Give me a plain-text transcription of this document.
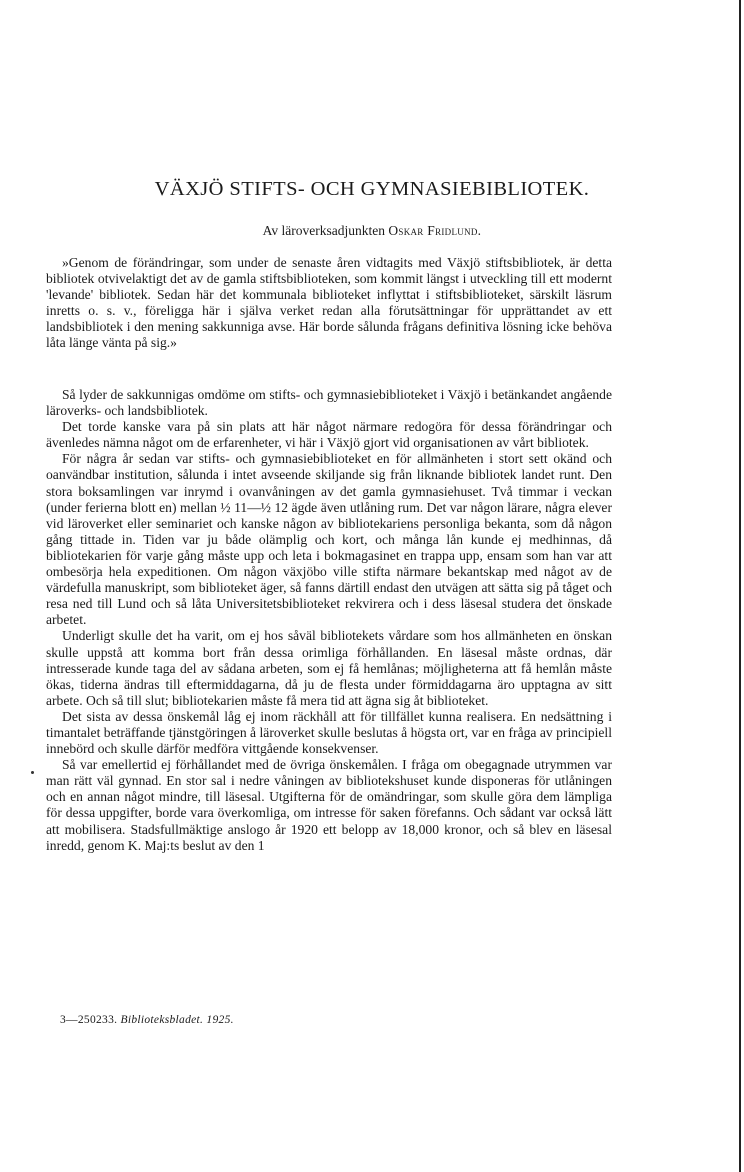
VÄXJÖ STIFTS- OCH GYMNASIEBIBLIOTEK.
Av läroverksadjunkten Oskar Fridlund.

»Genom de förändringar, som under de senaste åren vidtagits med Växjö stiftsbibliotek, är detta bibliotek otvivelaktigt det av de gamla stiftsbiblioteken, som kommit längst i utveckling till ett modernt 'levande' bibliotek. Sedan här det kommunala biblioteket inflyttat i stiftsbiblioteket, särskilt läsrum inretts o. s. v., föreligga här i själva verket redan alla förutsättningar för upprättandet av ett landsbibliotek i den mening sakkunniga avse. Här borde sålunda frågans definitiva lösning icke behöva låta länge vänta på sig.»

Så lyder de sakkunnigas omdöme om stifts- och gymnasiebiblioteket i Växjö i betänkandet angående läroverks- och landsbibliotek.

Det torde kanske vara på sin plats att här något närmare redogöra för dessa förändringar och ävenledes nämna något om de erfarenheter, vi här i Växjö gjort vid organisationen av vårt bibliotek.

För några år sedan var stifts- och gymnasiebiblioteket en för allmänheten i stort sett okänd och oanvändbar institution, sålunda i intet avseende skiljande sig från liknande bibliotek landet runt. Den stora boksamlingen var inrymd i ovanvåningen av det gamla gymnasiehuset. Två timmar i veckan (under ferierna blott en) mellan ½ 11—½ 12 ägde även utlåning rum. Det var någon lärare, några elever vid läroverket eller seminariet och kanske någon av bibliotekariens personliga bekanta, som då någon gång tittade in. Tiden var ju både olämplig och kort, och många lån kunde ej medhinnas, då bibliotekarien för varje gång måste upp och leta i bokmagasinet en trappa upp, ensam som han var att ombesörja hela expeditionen. Om någon växjöbo ville stifta närmare bekantskap med något av de värdefulla manuskript, som biblioteket äger, så fanns därtill endast den utvägen att sätta sig på tåget och resa ned till Lund och så låta Universitetsbiblioteket rekvirera och i dess läsesal studera det önskade arbetet.

Underligt skulle det ha varit, om ej hos såväl bibliotekets vårdare som hos allmänheten en önskan skulle uppstå att komma bort från dessa orimliga förhållanden. En läsesal måste ordnas, där intresserade kunde taga del av sådana arbeten, som ej få hemlånas; möjligheterna att få hemlån måste ökas, tiderna ändras till eftermiddagarna, då ju de flesta under förmiddagarna äro upptagna av sitt arbete. Och så till slut; bibliotekarien måste få mera tid att ägna sig åt biblioteket.

Det sista av dessa önskemål låg ej inom räckhåll att för tillfället kunna realisera. En nedsättning i timantalet beträffande tjänstgöringen å läroverket skulle beslutas å högsta ort, var en fråga av principiell innebörd och skulle därför medföra vittgående konsekvenser.

Så var emellertid ej förhållandet med de övriga önskemålen. I fråga om obegagnade utrymmen var man rätt väl gynnad. En stor sal i nedre våningen av bibliotekshuset kunde disponeras för utlåningen och en annan något mindre, till läsesal. Utgifterna för de omändringar, som skulle göra dem lämpliga för dessa uppgifter, borde vara överkomliga, om intresse för saken förefanns. Och sådant var också lätt att mobilisera. Stadsfullmäktige anslogo år 1920 ett belopp av 18,000 kronor, och så blev en läsesal inredd, genom K. Maj:ts beslut av den 1

3—250233. Biblioteksbladet. 1925.
